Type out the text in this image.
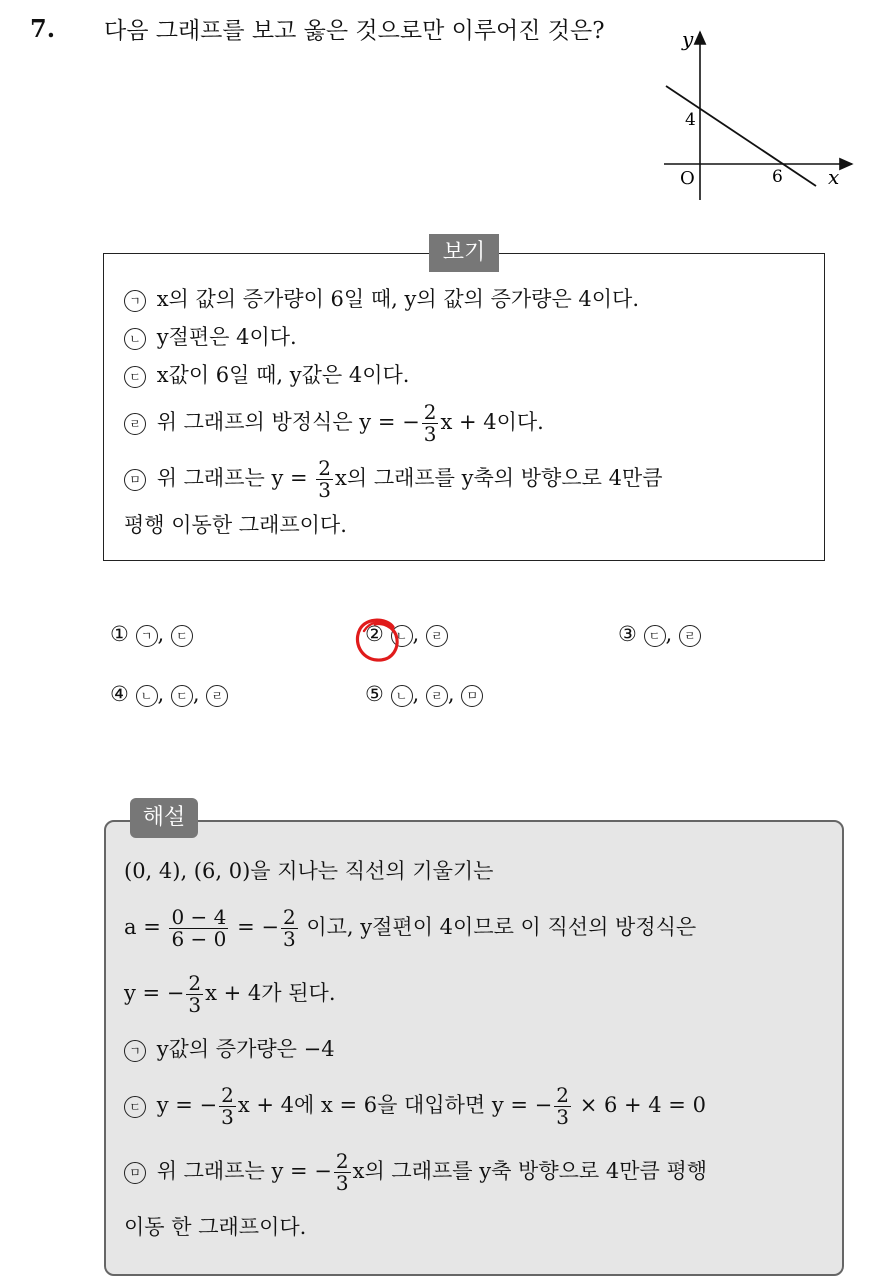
7. 다음 그래프를 보고 옳은 것으로만 이루어진 것은?	y
x
O
4
6
보기
ㄱ x의 값의 증가량이 6일 때, y의 값의 증가량은 4이다.
ㄴ y절편은 4이다.
ㄷ x값이 6일 때, y값은 4이다.
ㄹ 위 그래프의 방정식은 y = − $\frac{2}{3}$ x + 4이다.
ㅁ 위 그래프는 $y = \frac{2}{3}$ x의 그래프를 y축의 방향으로 4만큼
평행 이동한 그래프이다.
① ㄱ , ㄷ	② ㄴ , ㄹ	③ ㄷ , ㄹ
④ ㄴ , ㄷ , ㄹ	⑤ ㄴ , ㄹ , ㅁ
해설
(0, 4), (6, 0)을 지나는 직선의 기울기는
$a = \frac{0 - 4}{6 - 0}$ = − $\frac{2}{3}$ 이고, y절편이 4이므로 이 직선의 방정식은
y = − $\frac{2}{3}$ x + 4가 된다.
ㄱ y값의 증가량은 −4
ㄷ y = − $\frac{2}{3}$ x + 4에 x = 6을 대입하면 y = − $\frac{2}{3} \times 6 + 4 = 0$
ㅁ 위 그래프는 y = − $\frac{2}{3}$ x의 그래프를 y축 방향으로 4만큼 평행
이동 한 그래프이다.
